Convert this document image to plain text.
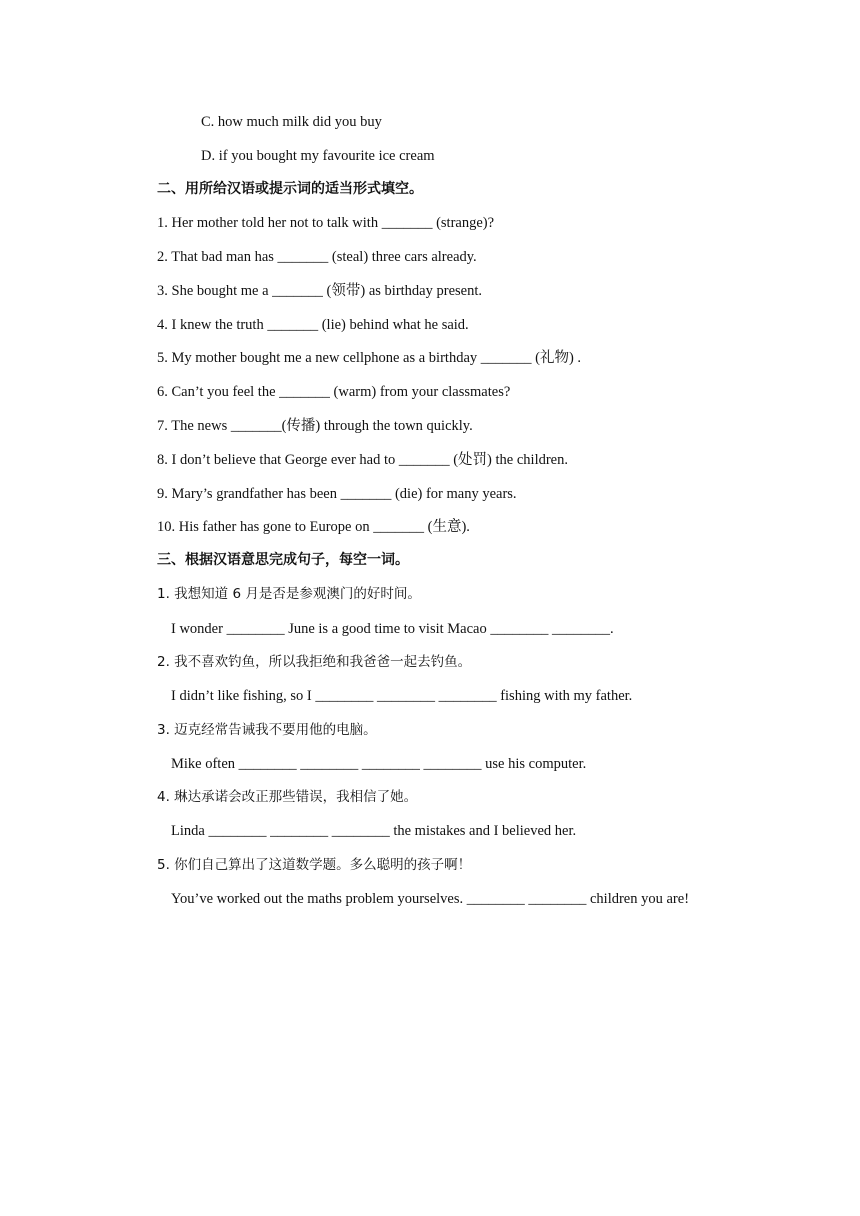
C. how much milk did you buy
D. if you bought my favourite ice cream
二、用所给汉语或提示词的适当形式填空。
1. Her mother told her not to talk with _______ (strange)?
2. That bad man has _______ (steal) three cars already.
3. She bought me a _______ (领带) as birthday present.
4. I knew the truth _______ (lie) behind what he said.
5. My mother bought me a new cellphone as a birthday _______ (礼物) .
6. Can’t you feel the _______ (warm) from your classmates?
7. The news _______(传播) through the town quickly.
8. I don’t believe that George ever had to _______ (处罚) the children.
9. Mary’s grandfather has been _______ (die) for many years.
10. His father has gone to Europe on _______ (生意).
三、根据汉语意思完成句子，每空一词。
1. 我想知道 6 月是否是参观澳门的好时间。
I wonder ________ June is a good time to visit Macao ________ ________.
2. 我不喜欢钓鱼，所以我拒绝和我爸爸一起去钓鱼。
I didn’t like fishing, so I ________ ________ ________ fishing with my father.
3. 迈克经常告诫我不要用他的电脑。
Mike often ________ ________ ________ ________ use his computer.
4. 琳达承诺会改正那些错误，我相信了她。
Linda ________ ________ ________ the mistakes and I believed her.
5. 你们自己算出了这道数学题。多么聪明的孩子啊！
You’ve worked out the maths problem yourselves. ________ ________ children you are!
